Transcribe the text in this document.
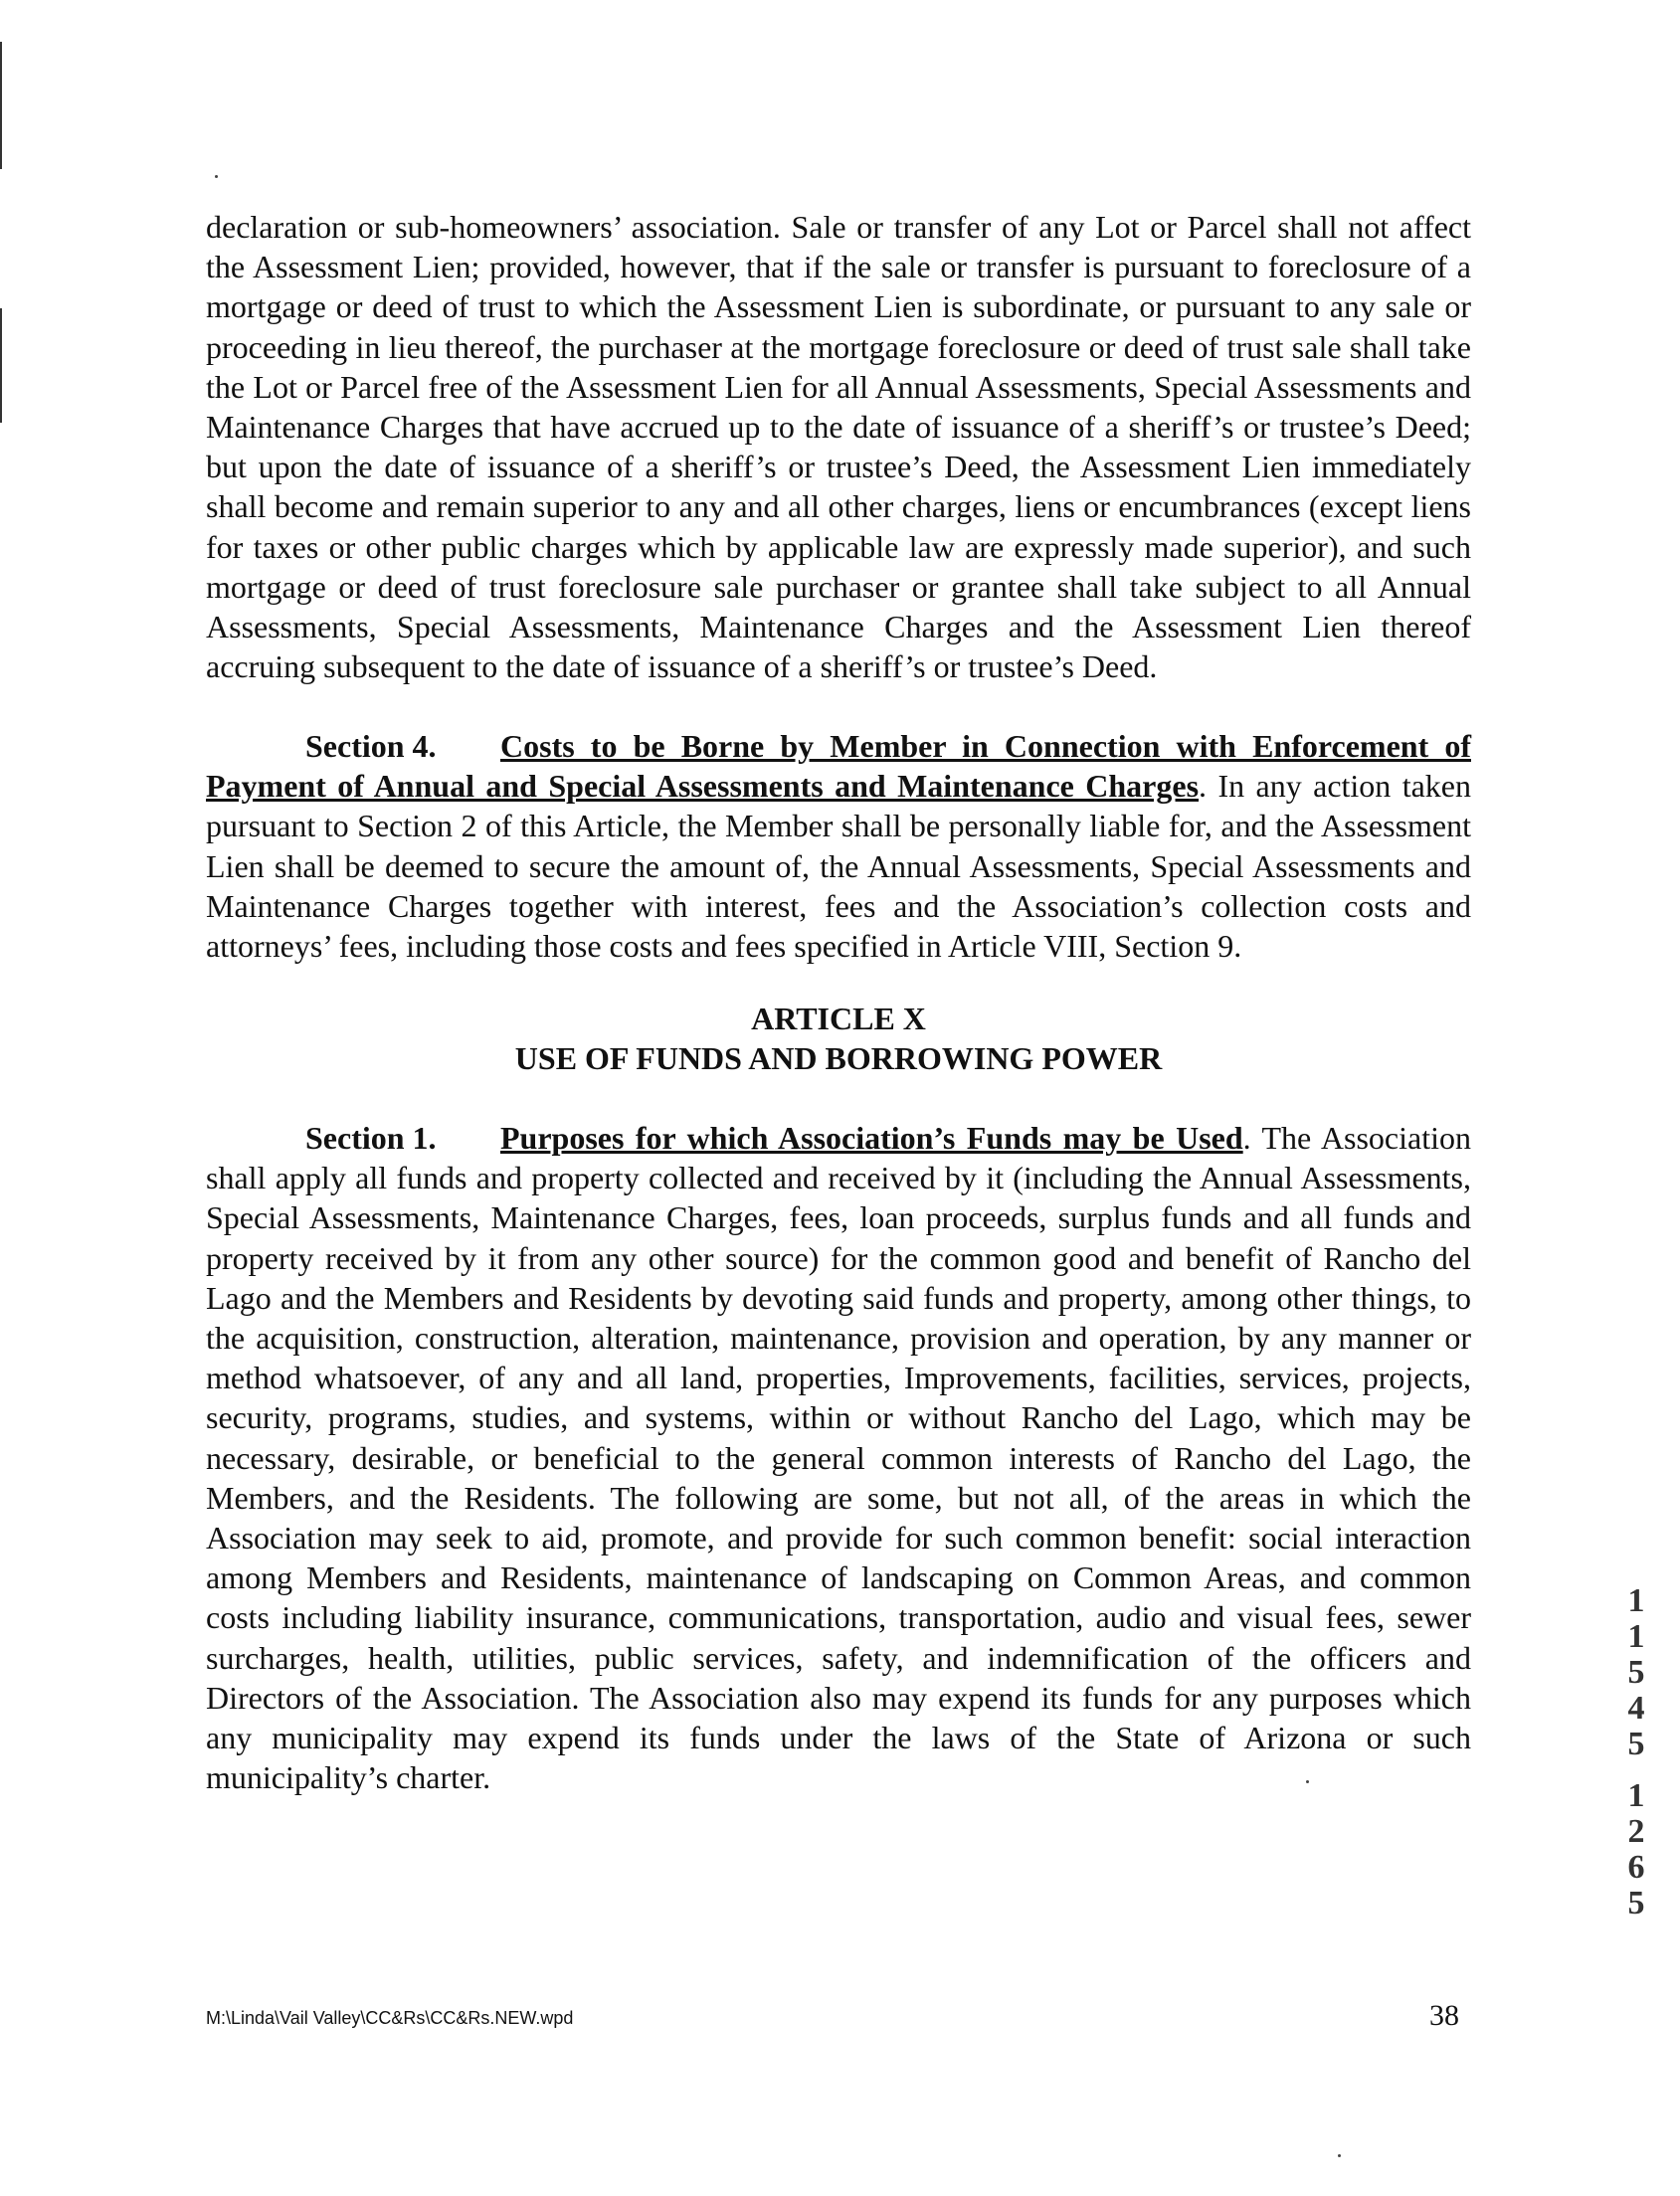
declaration or sub-homeowners’ association. Sale or transfer of any Lot or Parcel shall not affect the Assessment Lien; provided, however, that if the sale or transfer is pursuant to foreclosure of a mortgage or deed of trust to which the Assessment Lien is subordinate, or pursuant to any sale or proceeding in lieu thereof, the purchaser at the mortgage foreclosure or deed of trust sale shall take the Lot or Parcel free of the Assessment Lien for all Annual Assessments, Special Assessments and Maintenance Charges that have accrued up to the date of issuance of a sheriff’s or trustee’s Deed; but upon the date of issuance of a sheriff’s or trustee’s Deed, the Assessment Lien immediately shall become and remain superior to any and all other charges, liens or encumbrances (except liens for taxes or other public charges which by applicable law are expressly made superior), and such mortgage or deed of trust foreclosure sale purchaser or grantee shall take subject to all Annual Assessments, Special Assessments, Maintenance Charges and the Assessment Lien thereof accruing subsequent to the date of issuance of a sheriff’s or trustee’s Deed.

Section 4. Costs to be Borne by Member in Connection with Enforcement of Payment of Annual and Special Assessments and Maintenance Charges. In any action taken pursuant to Section 2 of this Article, the Member shall be personally liable for, and the Assessment Lien shall be deemed to secure the amount of, the Annual Assessments, Special Assessments and Maintenance Charges together with interest, fees and the Association’s collection costs and attorneys’ fees, including those costs and fees specified in Article VIII, Section 9.

ARTICLE X
USE OF FUNDS AND BORROWING POWER

Section 1. Purposes for which Association’s Funds may be Used. The Association shall apply all funds and property collected and received by it (including the Annual Assessments, Special Assessments, Maintenance Charges, fees, loan proceeds, surplus funds and all funds and property received by it from any other source) for the common good and benefit of Rancho del Lago and the Members and Residents by devoting said funds and property, among other things, to the acquisition, construction, alteration, maintenance, provision and operation, by any manner or method whatsoever, of any and all land, properties, Improvements, facilities, services, projects, security, programs, studies, and systems, within or without Rancho del Lago, which may be necessary, desirable, or beneficial to the general common interests of Rancho del Lago, the Members, and the Residents. The following are some, but not all, of the areas in which the Association may seek to aid, promote, and provide for such common benefit: social interaction among Members and Residents, maintenance of landscaping on Common Areas, and common costs including liability insurance, communications, transportation, audio and visual fees, sewer surcharges, health, utilities, public services, safety, and indemnification of the officers and Directors of the Association. The Association also may expend its funds for any purposes which any municipality may expend its funds under the laws of the State of Arizona or such municipality’s charter.

11545
1265
M:\Linda\Vail Valley\CC&Rs\CC&Rs.NEW.wpd	38
